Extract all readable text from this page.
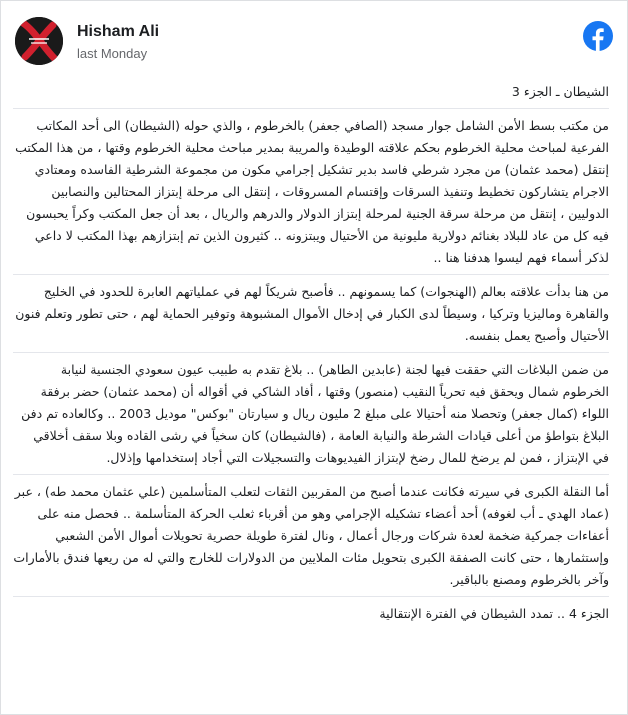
Hisham Ali
last Monday

الشيطان ـ الجزء 3

من مكتب بسط الأمن الشامل جوار مسجد (الصافي جعفر) بالخرطوم ، والذي حوله (الشيطان) الى أحد المكاتب الفرعية لمباحث محلية الخرطوم بحكم علاقته الوطيدة والمريبة بمدير مباحث محلية الخرطوم وقتها ، من هذا المكتب إنتقل (محمد عثمان) من مجرد شرطي فاسد بدير تشكيل إجرامي مكون من مجموعة الشرطية الفاسده ومعتادي الاجرام يتشاركون تخطيط وتنفيذ السرقات وإقتسام المسروقات ، إنتقل الى مرحلة إبتزاز المحتالين والنصابين الدوليين ، إنتقل من مرحلة سرقة الجنية لمرحلة إبتزاز الدولار والدرهم والريال ، بعد أن جعل المكتب وكراً يحبسون فيه كل من عاد للبلاد بغنائم دولارية مليونية من الأحتيال ويبتزونه .. كثيرون الذين تم إبتزازهم بهذا المكتب لا داعي لذكر أسماء فهم ليسوا هدفنا هنا ..

من هنا بدأت علاقته بعالم (الهنجوات) كما يسمونهم .. فأصبح شريكاً لهم في عملياتهم العابرة للحدود في الخليج والقاهرة وماليزيا وتركيا ، وسيطاً لدى الكبار في إدخال الأموال المشبوهة وتوفير الحماية لهم ، حتى تطور وتعلم فنون الأحتيال وأصبح يعمل بنفسه.

من ضمن البلاغات التي حققت فيها لجنة (عابدين الطاهر) .. بلاغ تقدم به طبيب عيون سعودي الجنسية لنيابة الخرطوم شمال ويحقق فيه تحرياً النقيب (منصور) وقتها ، أفاد الشاكي في أقواله أن (محمد عثمان) حضر برفقة اللواء (كمال جعفر) وتحصلا منه أحتيالا على مبلغ 2 مليون ريال و سيارتان "بوكس" موديل 2003 .. وكالعاده تم دفن البلاغ بتواطؤ من أعلى قيادات الشرطة والنيابة العامة ، (فالشيطان) كان سخياً في رشى القاده وبلا سقف أخلاقي في الإبتزاز ، فمن لم يرضخ للمال رضخ لإبتزاز الفيديوهات والتسجيلات التي أجاد إستخدامها وإذلال.

أما النقلة الكبرى في سيرته فكانت عندما أصبح من المقربين الثقات لتعلب المتأسلمين (علي عثمان محمد طه) ، عبر (عماد الهدي ـ أب لغوفه) أحد أعضاء تشكيله الإجرامي وهو من أقرباء ثعلب الحركة المتأسلمة .. فحصل منه على أعفاءات جمركية ضخمة لعدة شركات ورجال أعمال ، ونال لفترة طويلة حصرية تحويلات أموال الأمن الشعبي وإستثمارها ، حتى كانت الصفقة الكبرى بتحويل مئات الملايين من الدولارات للخارج والتي له من ريعها فندق بالأمارات وآخر بالخرطوم ومصنع بالباقير.

الجزء 4 .. تمدد الشيطان في الفترة الإنتقالية
